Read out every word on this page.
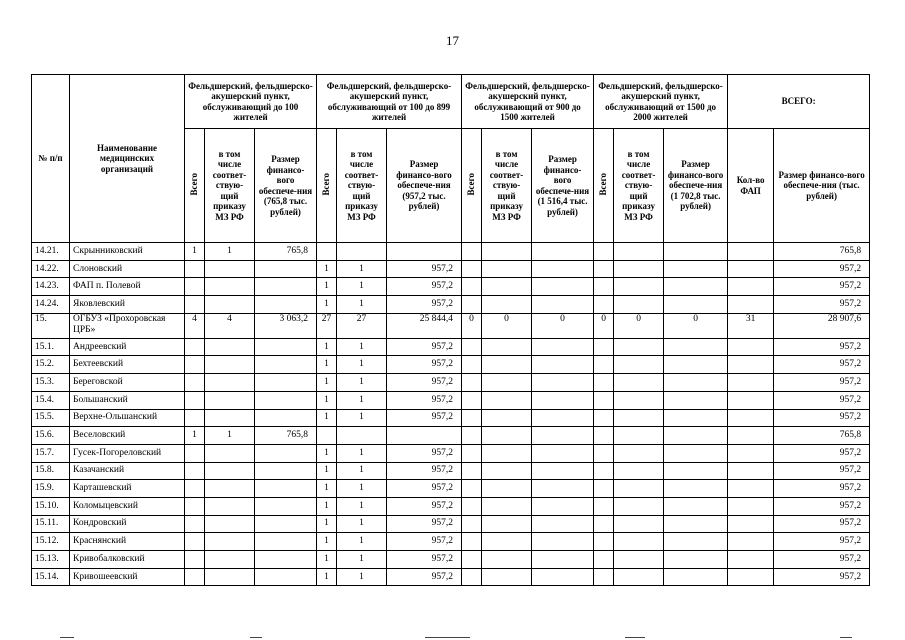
17
№ п/п	Наименование медицинских организаций	Фельдшерский, фельдшерско-акушерский пункт, обслуживающий до 100 жителей			Фельдшерский, фельдшерско-акушерский пункт, обслуживающий от 100 до 899 жителей			Фельдшерский, фельдшерско-акушерский пункт, обслуживающий от 900 до 1500 жителей			Фельдшерский, фельдшерско-акушерский пункт, обслуживающий от 1500 до 2000 жителей			ВСЕГО:	
		Всего	в том числе соответ-ствую-щий приказу МЗ РФ	Размер финансо-вого обеспече-ния (765,8 тыс. рублей)	Всего	в том числе соответ-ствую-щий приказу МЗ РФ	Размер финансо-вого обеспече-ния (957,2 тыс. рублей)	Всего	в том числе соответ-ствую-щий приказу МЗ РФ	Размер финансо-вого обеспече-ния (1 516,4 тыс. рублей)	Всего	в том числе соответ-ствую-щий приказу МЗ РФ	Размер финансо-вого обеспече-ния (1 702,8 тыс. рублей)	Кол-во ФАП	Размер финансо-вого обеспече-ния (тыс. рублей)
14.21.	Скрынниковский	1	1	765,8											765,8
14.22.	Слоновский				1	1	957,2								957,2
14.23.	ФАП п. Полевой				1	1	957,2								957,2
14.24.	Яковлевский				1	1	957,2								957,2
15.	ОГБУЗ «Прохоровская ЦРБ»	4	4	3 063,2	27	27	25 844,4	0	0	0	0	0	0	31	28 907,6
15.1.	Андреевский				1	1	957,2								957,2
15.2.	Бехтеевский				1	1	957,2								957,2
15.3.	Береговской				1	1	957,2								957,2
15.4.	Большанский				1	1	957,2								957,2
15.5.	Верхне-Ольшанский				1	1	957,2								957,2
15.6.	Веселовский	1	1	765,8											765,8
15.7.	Гусек-Погореловский				1	1	957,2								957,2
15.8.	Казачанский				1	1	957,2								957,2
15.9.	Карташевский				1	1	957,2								957,2
15.10.	Коломыцевский				1	1	957,2								957,2
15.11.	Кондровский				1	1	957,2								957,2
15.12.	Краснянский				1	1	957,2								957,2
15.13.	Кривобалковский				1	1	957,2								957,2
15.14.	Кривошеевский				1	1	957,2								957,2
